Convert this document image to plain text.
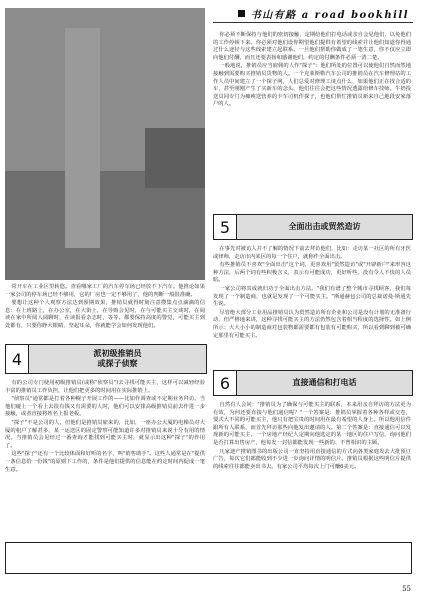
书山有路 a road bookhill

你必须不断保持与他们的密切接触，定期给他们打电话或亲自会见他们，以免他们的工作停顿下来。你必须对他们设你期望他们提供有希望的线索并让他们知道你得通过什么途径与这些线索建立起联系。一旦他们帮助你做成了一笔生意，你不仅应立即向他们付酬，而且还要表扬和感谢他们，约定的付酬条件必须一清二楚。

一般地说，推销员应当雇佣的人作"探子"：他们所处的位置可以使他们自然而然地接触到需要购买推销员货物的人。一个克莱斯勒汽车公司的推销员在汽车修理站的工作人员中间建立了一个探子网，人们总爱对修理工谈点什么，如果他们正在找合适的车，甚至刚刚产生了买新车的念头，他们往往会把这些情况透露给修车技师。牛奶投送员同专门为瘫痪送营养的卡车司机作探子，也他们帮忙推销员新来自己地段安家落户的人。

5	全面出击或贸然造访

在事先对被访人并不了解的情况下前去拜访他们，比如：走访某一社区的所有牙医或律师，走访市内某区的每一个住户，就称作全面出击。

有些推销员不喜欢"全面出击"这个词，更喜欢用"贸然造访"或"开辟新户"来形容这种方法，后两个词有些积极含义，表示有可能成功，更好听些。没有令人不快的人员暗。

一家公司将其成就归功于全面出击方法。"我们有谱了整个城市寻找顾客，我们每发现了一个制造商，也就是发现了一个可能买主。"斯通赫包公司的总裁诺曼·斯通先生说。

尽管绝大部分工业用品推销员认为贸然造访所有企业和公司是没有计划的无准备行动，但严格地来讲，这种寻找可能买主的方法仍然包含着相当程度的选择性。如上例所示：大大小小的制造商对包装物都需要都有包装有可能购买，所以看到聊到被可确定那里有可能买主。

6	直接通信和打电话

自然有人会问："推销员为了确保与可能买主的联系，本来用亲自拜访的方法更为有效，为何还要直接与他们通信呢？"一个答案是：推销员掌握着各种各样或交卷，要式大不同的可能买主，他只有把宝贵的时间用在最有希望的人身上。所以他用信件跟所有人联系，而首先拜访那些向他发出邀请的人。第二个答案是：直接通信可以发现新的可能买主，一个房地产经纪人定期向他选定的某一地区的住户写信，询问他们是否打算出售房产，他每发一封信都能发现一些新的、不曾相识的主顾。

凡家迪产推销图书的出版公司一直坚持用直接通信的方式向各类家庭发去大批预订广告，每次它们都能收到不少进一步询问详情的明信片。推销员根据这些明信片提供的线索往往都能卖出书去。有家公司平均每次上门可赚6美元。

常开车在工业区里转悠。查看哪家工厂的汽车停车场已经放不下汽车。他推论如果一家公司的停车场已经不够用，它的厂房也一定不够用了，他的判断一般很准确。

要想让这种个人观察方法达到预期效果，推销员就得时刻注意搜集点点滴滴的信息：在上班路上，在办公室，在大街上，在导购会见时，在与可能买主交谈时，在阅读在家中所阅人阅聊时，在读报看杂志时，等等。都要保持高度的警觉，可能买主到处都有，只要你睁大眼睛，坚起耳朵，你就能学会如何发现他们。

4	派初级推销员
或探子侦察

有的公司专门使用初级推销员(或称"侦察员")去寻找可能买主，这样可以减轻经验丰富的推销员工作负担，让他们把更多的时间用在实际推销上。

"侦察员"通常都是打着各种幌子开展工作的——比如作调查或不定期业务拜访。当他们碰上一个看上去很有钱又有需要的人时，他们可以安排高级推销员前去作进一步接触，或者直接将姓名上报老板。

"探子"不是公司的人，但他们是推销员雇来的，比如，一座办公大厦的电梯员对大厦的租户了解甚多，某一运送区的固定警察可能知道许多对推销员来说十分有用的情况。当推销员会见经过一番查询才能找到可能买主时，就显示出这种"探子"的作用了。

这些"探子"还有一个比较体面和好听的名字，叫"销售助手"。这些人通常是在"提供一条信息给一份钱"的原则下工作的，条件是他们提供的信息能在约定时间内促成一笔生意。

55
